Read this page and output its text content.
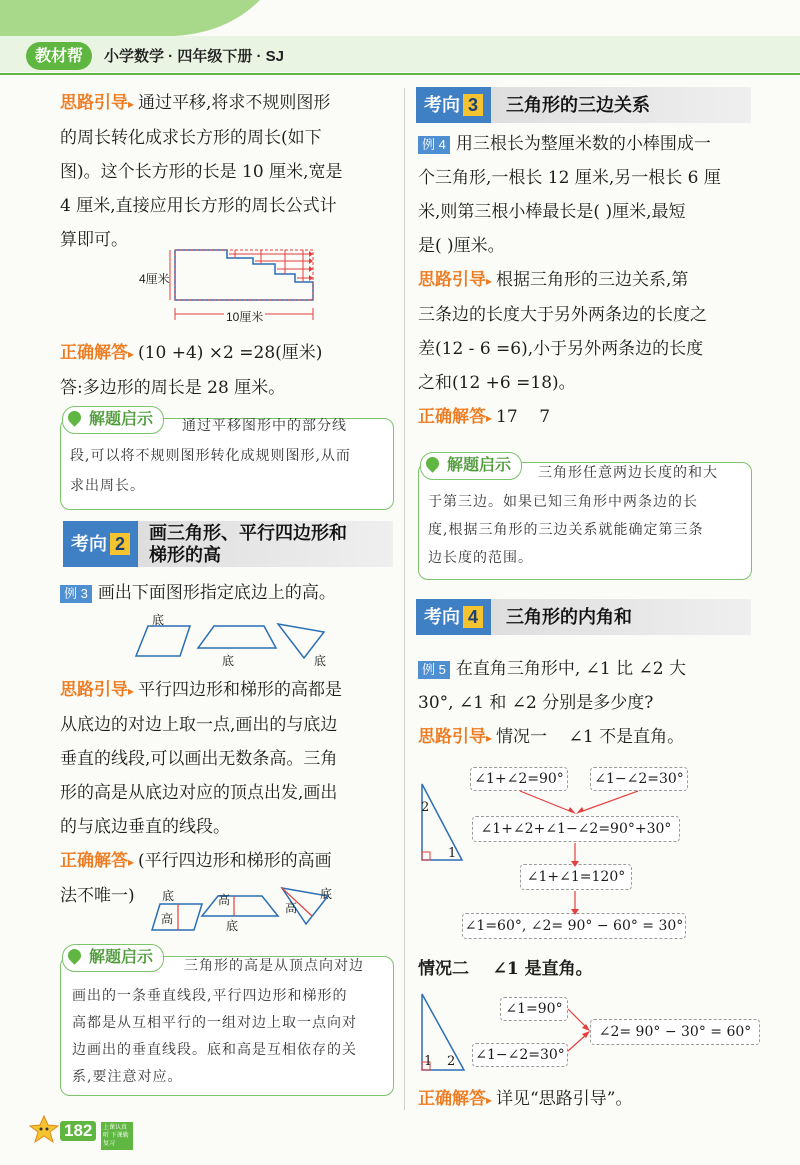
教材帮	小学数学 · 四年级下册 · SJ
思路引导▸ 通过平移,将求不规则图形
的周长转化成求长方形的周长(如下
图)。这个长方形的长是 10 厘米,宽是
4 厘米,直接应用长方形的周长公式计
算即可。
4厘米
10厘米
正确解答▸ (10 +4) ×2 =28(厘米)
答:多边形的周长是 28 厘米。
解题启示	通过平移图形中的部分线
段,可以将不规则图形转化成规则图形,从而
求出周长。
考向 2
画三角形、平行四边形和
梯形的高
例 3 画出下面图形指定底边上的高。
底
底	底
思路引导▸ 平行四边形和梯形的高都是
从底边的对边上取一点,画出的与底边
垂直的线段,可以画出无数条高。三角
形的高是从底边对应的顶点出发,画出
的与底边垂直的线段。
正确解答▸ (平行四边形和梯形的高画
法不唯一)	底
高
高
底
高
底
解题启示	三角形的高是从顶点向对边
画出的一条垂直线段,平行四边形和梯形的
高都是从互相平行的一组对边上取一点向对
边画出的垂直线段。底和高是互相依存的关
系,要注意对应。
考向 3	三角形的三边关系
例 4 用三根长为整厘米数的小棒围成一
个三角形,一根长 12 厘米,另一根长 6 厘
米,则第三根小棒最长是( )厘米,最短
是( )厘米。
思路引导▸ 根据三角形的三边关系,第
三条边的长度大于另外两条边的长度之
差(12 - 6 =6),小于另外两条边的长度
之和(12 +6 =18)。
正确解答▸ 17    7
解题启示	三角形任意两边长度的和大
于第三边。如果已知三角形中两条边的长
度,根据三角形的三边关系就能确定第三条
边长度的范围。
考向 4	三角形的内角和
例 5 在直角三角形中, ∠1 比 ∠2 大
30°, ∠1 和 ∠2 分别是多少度?
思路引导▸ 情况一    ∠1 不是直角。
2
1
∠1+∠2=90°	∠1−∠2=30°
∠1+∠2+∠1−∠2=90°+30°
∠1+∠1=120°
∠1=60°, ∠2= 90° − 60° = 30°
情况二    ∠1 是直角。
1 2
∠1=90°
∠1−∠2=30°
∠2= 90° − 30° = 60°
正确解答▸ 详见“思路引导”。
182	上课认真听 下课勤复习
